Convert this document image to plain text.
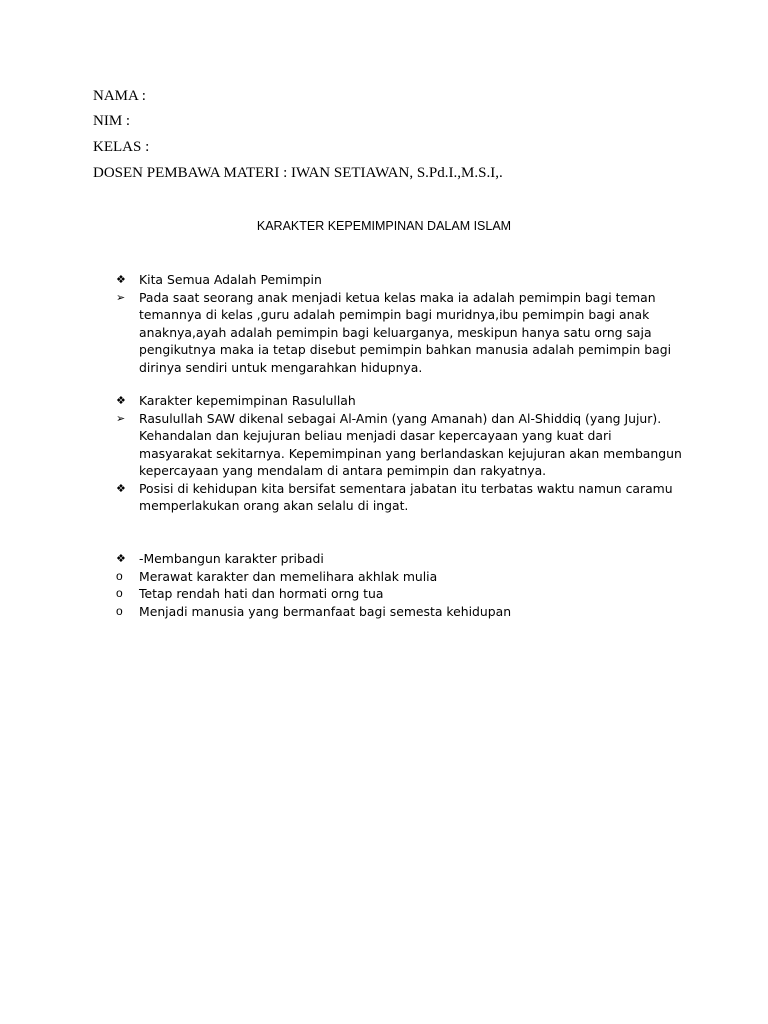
NAMA :
NIM :
KELAS :
DOSEN PEMBAWA MATERI : IWAN SETIAWAN, S.Pd.I.,M.S.I,.
KARAKTER KEPEMIMPINAN DALAM ISLAM
❖	Kita Semua Adalah Pemimpin
➢	Pada saat seorang anak menjadi ketua kelas maka ia adalah pemimpin bagi teman temannya di kelas ,guru adalah pemimpin bagi muridnya,ibu pemimpin bagi anak anaknya,ayah adalah pemimpin bagi keluarganya, meskipun hanya satu orng saja pengikutnya maka ia tetap disebut pemimpin bahkan manusia adalah pemimpin bagi dirinya sendiri untuk mengarahkan hidupnya.
❖	Karakter kepemimpinan Rasulullah
➢	Rasulullah SAW dikenal sebagai Al-Amin (yang Amanah) dan Al-Shiddiq (yang Jujur). Kehandalan dan kejujuran beliau menjadi dasar kepercayaan yang kuat dari masyarakat sekitarnya. Kepemimpinan yang berlandaskan kejujuran akan membangun kepercayaan yang mendalam di antara pemimpin dan rakyatnya.
❖	Posisi di kehidupan kita bersifat sementara jabatan itu terbatas waktu namun caramu memperlakukan orang akan selalu di ingat.
❖	-Membangun karakter pribadi
o	Merawat karakter dan memelihara akhlak mulia
o	Tetap rendah hati dan hormati orng tua
o	Menjadi manusia yang bermanfaat bagi semesta kehidupan
